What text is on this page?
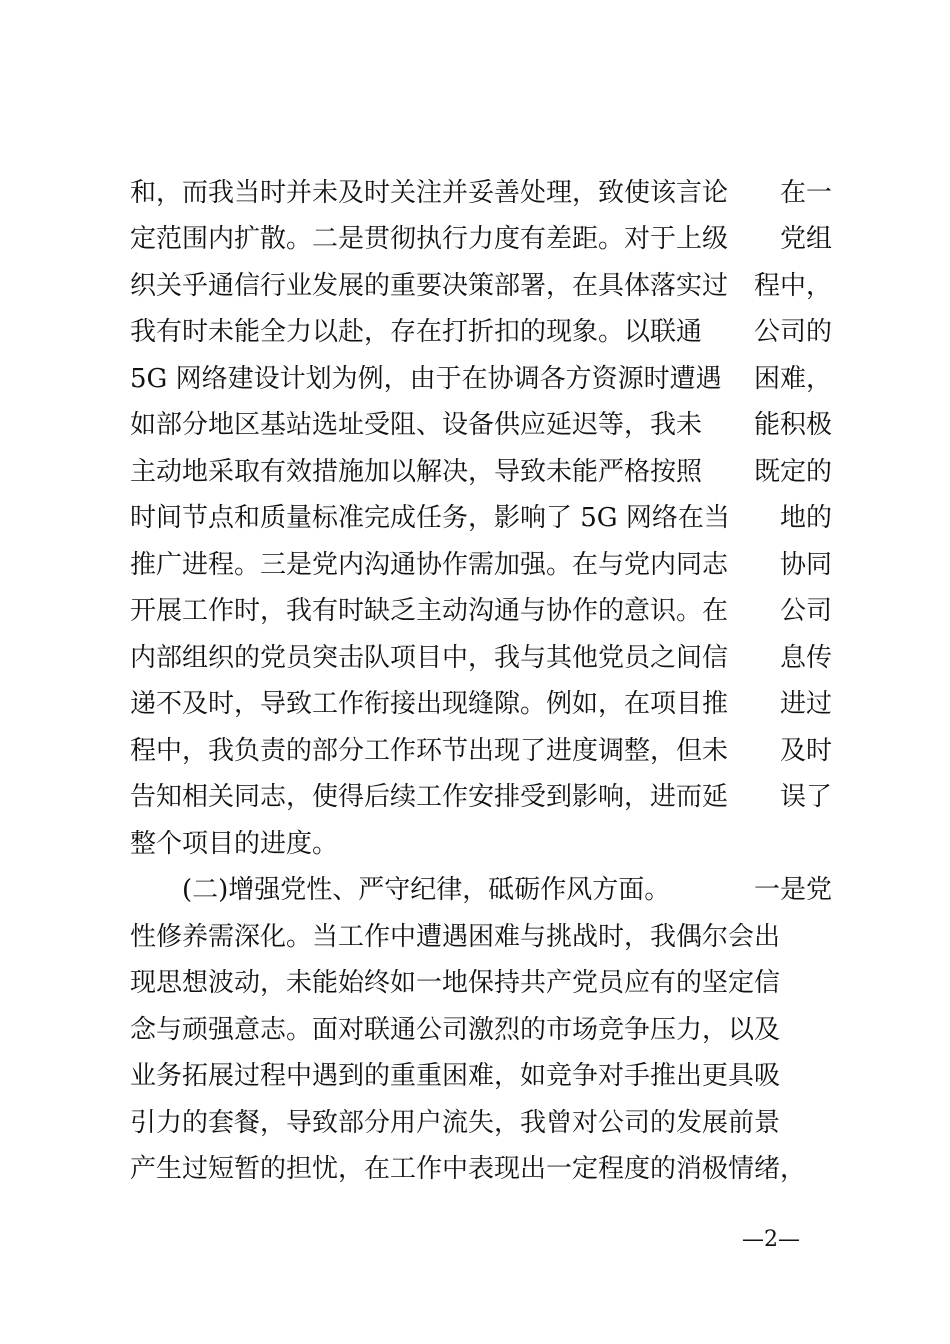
和，而我当时并未及时关注并妥善处理，致使该言论 在一
定范围内扩散。二是贯彻执行力度有差距。对于上级 党组
织关乎通信行业发展的重要决策部署，在具体落实过 程中，
我有时未能全力以赴，存在打折扣的现象。以联通 公司的
5G 网络建设计划为例，由于在协调各方资源时遭遇 困难，
如部分地区基站选址受阻、设备供应延迟等，我未 能积极
主动地采取有效措施加以解决，导致未能严格按照 既定的
时间节点和质量标准完成任务，影响了 5G 网络在当 地的
推广进程。三是党内沟通协作需加强。在与党内同志 协同
开展工作时，我有时缺乏主动沟通与协作的意识。在 公司
内部组织的党员突击队项目中，我与其他党员之间信 息传
递不及时，导致工作衔接出现缝隙。例如，在项目推 进过
程中，我负责的部分工作环节出现了进度调整，但未 及时
告知相关同志，使得后续工作安排受到影响，进而延 误了
整个项目的进度。
　　(二)增强党性、严守纪律，砥砺作风方面。	一是党
性修养需深化。当工作中遭遇困难与挑战时，我偶尔会出
现思想波动，未能始终如一地保持共产党员应有的坚定信
念与顽强意志。面对联通公司激烈的市场竞争压力，以及
业务拓展过程中遇到的重重困难，如竞争对手推出更具吸
引力的套餐，导致部分用户流失，我曾对公司的发展前景
产生过短暂的担忧，在工作中表现出一定程度的消极情绪，
—2—
